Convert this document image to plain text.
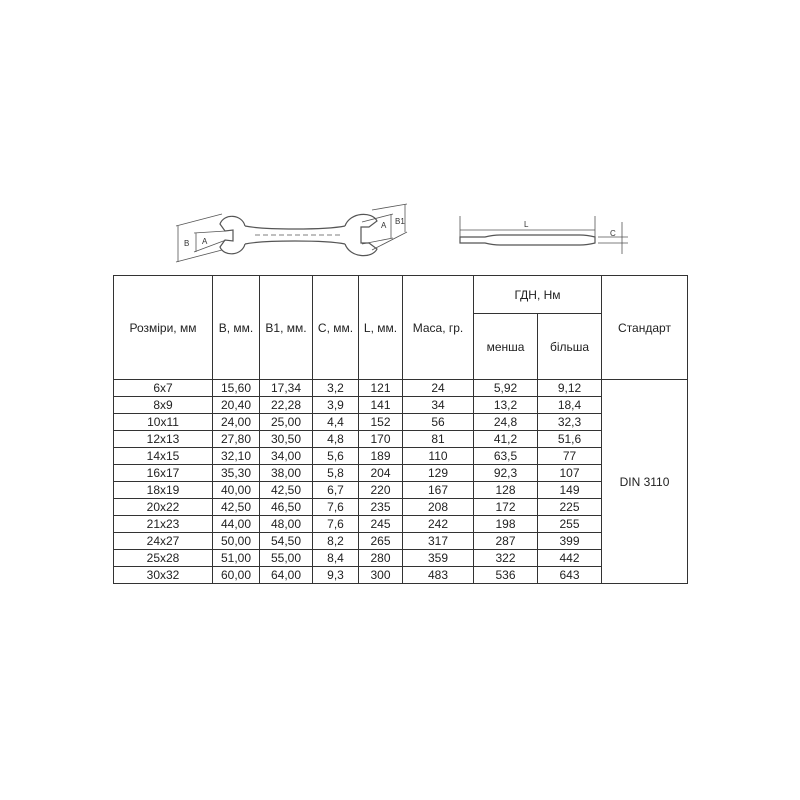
B A
A B1	L
C
Розміри, мм	B, мм.	B1, мм.	C, мм.	L, мм.	Маса, гр.	ГДН, Нм		Стандарт
						менша	більша	
6x7	15,60	17,34	3,2	121	24	5,92	9,12	DIN 3110
8x9	20,40	22,28	3,9	141	34	13,2	18,4	
10x11	24,00	25,00	4,4	152	56	24,8	32,3	
12x13	27,80	30,50	4,8	170	81	41,2	51,6	
14x15	32,10	34,00	5,6	189	110	63,5	77	
16x17	35,30	38,00	5,8	204	129	92,3	107	
18x19	40,00	42,50	6,7	220	167	128	149	
20x22	42,50	46,50	7,6	235	208	172	225	
21x23	44,00	48,00	7,6	245	242	198	255	
24x27	50,00	54,50	8,2	265	317	287	399	
25x28	51,00	55,00	8,4	280	359	322	442	
30x32	60,00	64,00	9,3	300	483	536	643	
